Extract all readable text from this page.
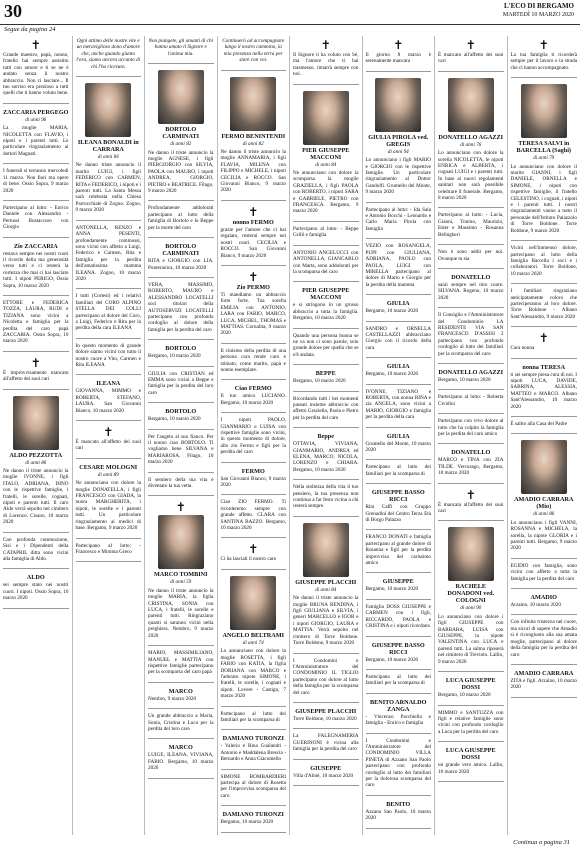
30	L'ECO DI BERGAMO
MARTEDÌ 10 MARZO 2020
Segue da pagina 24
✝

Grande maestro, papà, nonno, fratello hai sempre assistito tutti con amore e ti se ne è andato senza il nostro abbraccio. Non ci lasciare... Il tuo sorriso era prezioso a tutti quelli che ti hanno voluto bene.

ZACCARIA PERGEGO

di anni 96

La moglie MARIA, NICOLETTA con FLAVIO, i nipoti e i parenti tutti. Le particolare ringraziamento ai dottori Magnati.

I funerali si terranno mercoledì 11 marzo. Non fiori ma opere di bene. Ossio Sopra, 9 marzo 2020

Partecipano al lutto: - Enrico Daniele con Alessandro - Pertussi Bustaccuro con Giorgio

Zio ZACCARIA

restava sempre nei nostri cuori il ricordo della tua generosità verso tutti e ci resterà la certezza che mai ci hai lasciato tutti. I nipoti PERIGO, Ossio Sopra, 10 marzo 2020

ETTORE e FEDERICA TOZZA, LAURA, RUDI e TIZIANA sono vicini a Nicoletta e famiglia per la perdita del caro papà ZACCARIA. Ossio Sopra, 10 marzo 2020

✝

È improvvisamente mancato all'affetto dei suoi cari

ALDO PEZZOTTA

di anni 86

Ne danno il triste annuncio la moglie IVONNE, i figli ITALO, ADRIANA, DINO con le rispettive famiglie, i fratelli, le sorelle, cognati, nipoti e parenti tutti. Il caro Aldo verrà sepolto nel cimitero di Lorenzo. Cisano, 10 marzo 2020

Con profonda commozione, Sisi e i Dipendenti della CATAPRIL ditta sono vicini alla famiglia di Aldo.

ALDO

sei sempre stato nei nostri cuori. I nipoti. Ossio Sopra, 10 marzo 2020

Ogni attimo delle nostre vite e un meraviglioso dono d'amore che, anche quando giunto l'ora, siamo ancora accanto di chi l'ha ricevuto.

ILEANA BONALDI in CARRARA

di anni 84

Ne danno triste annuncio il marito LUIGI, i figli FEDERICO con CARMEN, RITA e FEDERICO, i nipoti e i parenti tutti. La Santa Messa sarà celebrata nella Chiesa Parrocchiale di Zogno. Zogno, 9 marzo 2020

ANTONELLA, RENZO e ANNA PESENTI, profondamente commossi, sono vicini con affetto a Luigi, Federico e Carmen, Rita e famiglia per la perdita dell'amatissima mamma ILEANA. Zogno, 10 marzo 2020

I tutti (Cortesi) ed i relativi familiari del CORO ALPINO STELLA DEI COLLI partecipano al dolore del Coro, a Luigi, Federico e Rita per la perdita della cara ILEANA

In questo momento di grande dolore siamo vicini con tutto il nostro cuore a Vito, Carmen e Rita ILEANA

ILEANA

GIOVANNA, MIMMO e ROBERTA, STEFANO, LAURA. San Giovanni Bianco, 10 marzo 2020

✝

È mancato all'affetto dei suoi cari

CESARE MOLOGNI

di anni 89

Ne annunciano con dolore la moglie DONATELLA, i figli FRANCESCO con GIADA, la nuora MARGHERITA, i nipoti, le sorelle e i parenti tutti. Un particolare ringraziamento ai medici di base. Bergamo, 9 marzo 2020

Partecipano al lutto: - Francesco e Mimma Greco

Non piangete, gli amanti di chi hanno amato il Signore e l'anima mia.

BORTOLO CARMINATI

di anni 82

Ne danno il triste annuncio la moglie AGNESE, i figli PIERGIORGIO con SILVIA, PAOLA con MAURO, i nipoti ANDREA, GIORGIO, PIETRO e BEATRICE. Filago, 9 marzo 2020

Profondamente addolorati partecipano al lutto della famiglia di Bortolo e lo Beppe per la morte del caro

BORTOLO CARMINATI

RITA e GIORGIO con LIA. Ponteranica, 10 marzo 2020

VERA, MASSIMO, ROBERTO, MAURO e ALESSANDRO LOCATELLI soci titolari della AUTOSERVIZI LOCATELLI partecipano con profondo cordoglio al dolore della famiglia per la perdita del caro

BORTOLO

Bergamo, 10 marzo 2020

GIULIA con CRISTIAN ed EMMA sono vicini a Beppe e famiglia per la perdita del loro caro

BORTOLO

Bergamo, 10 marzo 2020

Per l'angelo al suo fianco. Per il nonno ciao BORTOLO. Ti vogliamo bene SILVANA e MARIAROSA. Filago, 10 marzo 2020

Il sentiero della tua vita è diventato la tua vetta.

✝
MARCO TOMBINI

di anni 59

Ne danno il triste annuncio la moglie MARIA, la figlia CRISTINA, SONIA con LUCA, i fratelli, le sorelle e parenti tutti. Ringraziano quanti si saranno vicini nella preghiera. Nembro, 9 marzo 2020

MARIO, MASSIMILIANO, MANUEL e MATTIA con rispettive famiglie partecipano per la scomparsa del caro papà

MARCO

Nembro, 9 marzo 2020

Un grande abbraccio a Maria, Sonia, Cristina e Luca per la perdita del loro caro

MARCO

LUIGE, ILEANA, VIVIANA, FABIO. Bergamo, 10 marzo 2020

Continuerò ad accompagnare lungo il nostro cammino, la mia presenza nella terra per stare con voi.

FERMO BENINTENDI

di anni 82

Ne danno il triste annuncio la moglie ANNAMARIA, i figli FLAVIA, MILENA con FILIPPO e MICHELE, i nipoti CECILIA e ROCCO. San Giovanni Bianco, 9 marzo 2020

✝
nonno FERMO

grazie per l'amore che ci hai regalato, resterai sempre nei nostri cuori. CECILIA e ROCCO. San Giovanni Bianco, 9 marzo 2020

✝
Zio PERMO

Ti mandiamo un abbraccio forte forte. Tua sorella EMILIA con ANTONIO, LARA con FABIO, MARCO, LUCA, MICHEL, THOMAS e MATTIAS. Cornalita, 9 marzo 2020

Il cinismo della perdita di una persona cara rende caro e stimato, come marito, papà e nonno esemplare.

Ciao FERMO

Il tuo amico LUCIANO. Bergamo, 10 marzo 2020

I nipoti PAOLO, GIANMARIO e LUISA con rispettive famiglie sono vicini, in questo momento di dolore, allo zio Fermo e figli per la perdita del caro

FERMO

San Giovanni Bianco, 9 marzo 2020

Ciao ZIO FERMO. Ti ricorderemo sempre con grande affetto. CLARA con SANTINA BAZZO. Bergamo, 10 marzo 2020

✝

Ci ha lasciati il nostro caro

ANGELO BELTRAMI

di anni 74

Lo annunciano con dolore la moglie ROSETTA, i figli FABIO con KATIA, la figlia DORIANA con MARCO e l'adorato nipote SIMONE, i fratelli, le sorelle, i cognati e nipoti. Lovere - Castign, 7 marzo 2020

Partecipano al lutto dei familiari per la scomparsa di

DAMIANO TURONZI

- Valerio e Rina Gualandri - Antonio e Maddalena Brescia - Bernardo e Anna Giacomello

SIMONE BOMBARDIERI partecipa al dolore di Rosetta per l'improvvisa scomparsa del caro

DAMIANO TURONZI

Bergamo, 10 marzo 2020

✝

Il Signore ti ha voluto con Sé, ma l'amore che ci hai trasmesso, rimarrà sempre con noi.

PIER GIUSEPPE MACCONI

di anni 84

Ne annunciano con dolore la scomparsa la moglie GRAZIELLA, i figli PAOLA con ROBERTO, i nipoti SARA e GABRIELE, PIETRO con FRANCESCA. Bergamo, 9 marzo 2020

Partecipano al lutto: - Beppe Grilli e famiglia

ANTONIO ANGELUCCI con ANTONELLA, GIANCARLO con Marta, sono addolorati per la scomparsa del caro

PIER GIUSEPPE MACCONI

e si stringono in un grosso abbraccio a tutta la famiglia. Bergamo, 10 marzo 2020

Quando una persona buona se ne va non ci sono parole, solo grande dolore per quella che se n'è andata.

BEPPE

Bergamo, 10 marzo 2020

Ricordando tutti i bei momenti passati insieme abbraccio con affetto Graziella, Paola e Pietro per la perdita del caro

Beppe

OTTAVIA, VIVIANA, GIANMARIO, ANDREA ed ELENA, MARCO, NICOLA, LORENZO e CHIARA. Bergamo, 10 marzo 2020

Nella stoltezza della vita il tuo pensiero, la tua presenza non continua a far festa vicina a chi resterà sempre.

GIUSEPPE PLACCHI

di anni 84

Ne danno il triste annuncio la moglie BRUNA RENDINA, i figli GIULIANA e SILVIA, i generi MARCELLO e IGOR e i nipoti GIORGIO, LAURA e MATTIA. Verrà sepolto nel cimitero di Torre Boldone. Torre Boldone, 9 marzo 2020

I Condomini e l'Amministratore del CONDOMINIO IL TIGLIO partecipano con dolore al lutto della famiglia per la scomparsa del caro

GIUSEPPE PLACCHI

Torre Boldone, 10 marzo 2020

La FALEGNAMERIA GUERINONI è vicina alla famiglia per la perdita del caro

GIUSEPPE

Villa d'Almè, 10 marzo 2020

✝

Il giorno 8 marzo è serenamente mancata

GIULIA PIROLA ved. GREGIS

di anni 94

Lo annunciano i figli MARIO e GIORGIO con le rispettive famiglie. Un particolare ringraziamento al Dottor Gandolfi. Grumello del Monte, 9 marzo 2020

Partecipano al lutto: - Ida Sala e Antonio Bocchi - Leonardo e Carlo Maria Pirola con famiglia

VEZIO con ROSANGELA, PUPI con GIULIANA, ADRIANA, PAOLO con PAOLA, LUIGI con MIRELLA partecipano al dolore di Mario e Giorgio per la perdita della mamma

GIULIA

Bergamo, 10 marzo 2020

SANDRO e ORNELLA CASTELLAZZI abbracciano Giorgio con il ricordo della cara

GIULIA

Bergamo, 10 marzo 2020

IVONNE, TIZIANO e ROBERTA, con nonna RINA e zia ANGELA, sono vicini a MARIO, GIORGIO e famiglia per la perdita della cara

GIULIA

Grumello del Monte, 10 marzo 2020

Partecipano al lutto dei familiari per la scomparsa di

GIUSEPPE BASSO RICCI

Rita Caffi con Gruppo Grenadini del Centro Terza Età di Borgo Palazzo

FRANCO DONATI e famiglia partecipano al grande dolore di Rosanna e figli per la perdita improvvisa del carissimo amico

GIUSEPPE

Bergamo, 10 marzo 2020

Famiglia DOSS GIUSEPPE e CARMEN con i figli, RICCARDO, PAOLA e CRISTINA e i nipoti ricordano

GIUSEPPE BASSO RICCI

Bergamo, 10 marzo 2020

Partecipano al lutto dei familiari per la scomparsa di

BENITO ARNALDO ZANGA

- Vincenzo Pacchiella e famiglia - Enrico e famiglia

I Condomini e l'Amministratore del CONDOMINIO VILLA PINETA di Azzano San Paolo partecipano con profondo cordoglio al lutto dei familiari per la dolorosa scomparsa del caro

BENITO

Azzano San Paolo, 10 marzo 2020

✝

È mancato all'affetto dei suoi cari

DONATELLO AGAZZI

di anni 76

Lo annunciano con dolore la sorella NICOLETTA, le nipoti ENRICA e ALBERTA, i cognati LUIGI e i parenti tutti. In base ai nuovi regolamenti sanitari non sarà possibile celebrare il funerale. Bergamo, 8 marzo 2020

Partecipano al lutto: - Lucia, Gianni, Tonino, Maurizio, Ester e Massimo - Rosanna Belingheri

Non è sono addii per noi. Ovunque tu sia

DONATELLO

saraì sempre nel mio cuore. SILVANA. Rogeno, 10 marzo 2020

Il Consiglio e l'Amministratore del Condominio LA RESIDENTE VIA SAN FRANCESCO D'ASSISI 2 partecipano con profondo cordoglio al lutto dei familiari per la scomparsa del caro

DONATELLO AGAZZI

Bergamo, 10 marzo 2020

Partecipano al lutto: - Roberta Cividini

Partecipano con vivo dolore al lutto che ha colpito la famiglia per la perdita del caro amico

DONATELLO

MARCO e TINA con ZIA TILDE. Vercurago, Bergamo, 10 marzo 2020

✝

È mancata all'affetto dei suoi cari

RACHELE DONADONI ved. COLOGNI

di anni 90

Lo annunciano con dolore i figli GIUSEPPE con BARBARA, LUISA con GIUSEPPE, la nipote VALENTINA con LUCA e parenti tutti. La salma riposerà nel cimitero di Treviolo. Lallio, 9 marzo 2020

LUCA GIUSEPPE DOSSI

Bergamo, 10 marzo 2020

MIMMO e SANTUZZA con figli e relative famiglie sono vicini con profondo cordoglio a Luca per la perdita del caro

LUCA GIUSEPPE DOSSI

un grande vero amico. Lallio, 10 marzo 2020

✝

La tua famiglia ti ricorderà sempre per il lavoro e la strada che ci hanno accompagnato.

TERESA SALVI in BARCELLA (Saghi)

di anni 79

Lo annunciano con dolore il marito GIANNI, i figli DANIELE, ORNELLA e SIMONE, i nipoti con rispettive famiglie, il fratello CELESTINO, i cognati, i nipoti e i parenti tutti. I nostri ringraziamenti vanno a tutto il personale dell'Istituto Palazzolo di Torre Boldone. Torre Boldone, 9 marzo 2020

Vicini nell'immenso dolore, partecipano al lutto della famiglia Barcella i soci e i collaboratori. Torre Boldone, 10 marzo 2020

I familiari ringraziano anticipatamente coloro che parteciperanno al loro dolore. Torre Boldone - Albano Sant'Alessandro, 9 marzo 2020

✝

Cara nonna

nonna TERESA

ti sei sempre presa cura di noi. I nipoti LUCA, DAVIDE, SABRINA, ALESSIA, MATTEO e MARCO. Albano Sant'Alessandro, 10 marzo 2020

È salito alla Casa del Padre

AMADIO CARRARA (Mio)

di anni 86

Lo annunciano i figli VANNI, ROSANNA e MICHELA, la sorella, la nipote GLORIA e i parenti tutti. Bergamo, 9 marzo 2020

EGIDIO con famiglia, sono vicini con affetto a tutta la famiglia per la perdita del caro

AMADIO

Arzaino, 10 marzo 2020

Con infinita tristezza nel cuore, ma sicuri di sapere che Amadio si è ricongiunto alla sua amata moglie, partecipano al dolore della famiglia per la perdita del caro

AMADIO CARRARA

ZITA e figli. Arzaino, 10 marzo 2020

Continua a pagina 31
